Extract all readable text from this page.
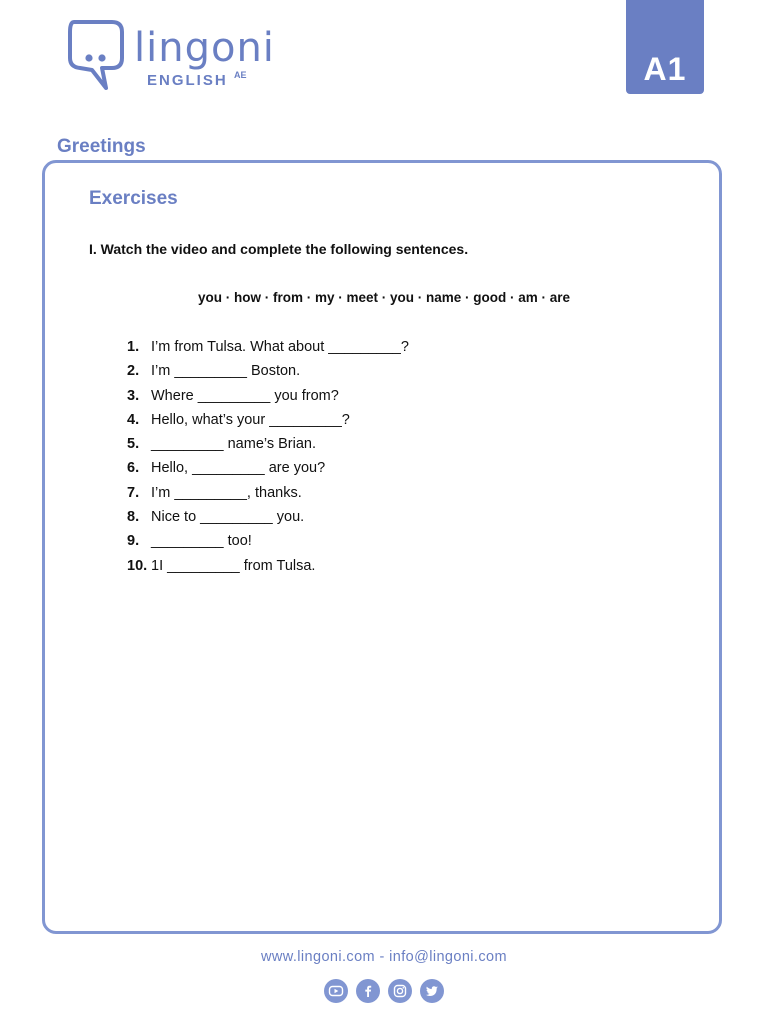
lingoni
ENGLISH AE	A1
Greetings
Exercises
I. Watch the video and complete the following sentences.
you · how · from · my · meet · you · name · good · am · are
1. I’m from Tulsa. What about _________?
2. I’m _________ Boston.
3. Where _________ you from?
4. Hello, what’s your _________?
5. _________ name’s Brian.
6. Hello, _________ are you?
7. I’m _________, thanks.
8. Nice to _________ you.
9. _________ too!
10. 1I _________ from Tulsa.
www.lingoni.com - info@lingoni.com
